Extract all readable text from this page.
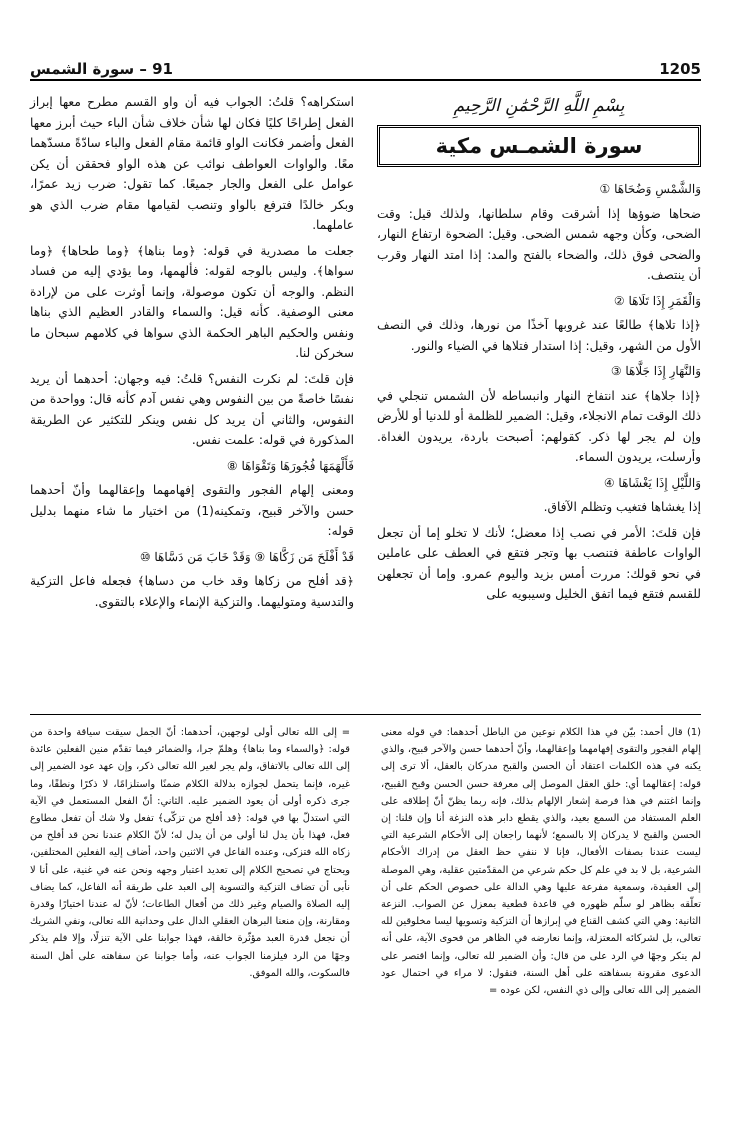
1205
91 – سورة الشمس
بِسْمِ اللَّهِ الرَّحْمَٰنِ الرَّحِيمِ
سورة الشمـس مكية
وَالشَّمْسِ وَضُحَاهَا ①

ضحاها ضوؤها إذا أشرقت وقام سلطانها، ولذلك قيل: وقت الضحى، وكأن وجهه شمس الضحى. وقيل: الضحوة ارتفاع النهار، والضحى فوق ذلك، والضحاء بالفتح والمد: إذا امتد النهار وقرب أن ينتصف.

وَالْقَمَرِ إِذَا تَلَاهَا ②

﴿إذا تلاها﴾ طالعًا عند غروبها آخذًا من نورها، وذلك في النصف الأول من الشهر، وقيل: إذا استدار فتلاها في الضياء والنور.

وَالنَّهَارِ إِذَا جَلَّاهَا ③

﴿إذا جلاها﴾ عند انتفاخ النهار وانبساطه لأن الشمس تنجلي في ذلك الوقت تمام الانجلاء، وقيل: الضمير للظلمة أو للدنيا أو للأرض وإن لم يجر لها ذكر. كقولهم: أصبحت باردة، يريدون الغداة. وأرسلت، يريدون السماء.

وَاللَّيْلِ إِذَا يَغْشَاهَا ④

إذا يغشاها فتغيب وتظلم الآفاق.

فإن قلتَ: الأمر في نصب إذا معضل؛ لأنك لا تخلو إما أن تجعل الواوات عاطفة فتنصب بها وتجر فتقع في العطف على عاملين في نحو قولك: مررت أمس بزيد واليوم عمرو. وإما أن تجعلهن للقسم فتقع فيما اتفق الخليل وسيبويه على

استكراهه؟ قلتُ: الجواب فيه أن واو القسم مطرح معها إبراز الفعل إطراحًا كليًا فكان لها شأن خلاف شأن الباء حيث أبرز معها الفعل وأضمر فكانت الواو قائمة مقام الفعل والباء سادّةً مسدّهما معًا. والواوات العواطف نوائب عن هذه الواو فحققن أن يكن عوامل على الفعل والجار جميعًا. كما تقول: ضرب زيد عمرًا، وبكر خالدًا فترفع بالواو وتنصب لقيامها مقام ضرب الذي هو عاملهما.

جعلت ما مصدرية في قوله: ﴿وما بناها﴾ ﴿وما طحاها﴾ ﴿وما سواها﴾. وليس بالوجه لقوله: فألهمها، وما يؤدي إليه من فساد النظم. والوجه أن تكون موصولة، وإنما أوثرت على من لإرادة معنى الوصفية. كأنه قيل: والسماء والقادر العظيم الذي بناها ونفس والحكيم الباهر الحكمة الذي سواها في كلامهم سبحان ما سخركن لنا.

فإن قلتَ: لم نكرت النفس؟ قلتُ: فيه وجهان: أحدهما أن يريد نفسًا خاصةً من بين النفوس وهي نفس آدم كأنه قال: وواحدة من النفوس، والثاني أن يريد كل نفس وينكر للتكثير عن الطريقة المذكورة في قوله: علمت نفس.

فَأَلْهَمَهَا فُجُورَهَا وَتَقْوَاهَا ⑧

ومعنى إلهام الفجور والتقوى إفهامهما وإعقالهما وأنّ أحدهما حسن والآخر قبيح، وتمكينه(1) من اختيار ما شاء منهما بدليل قوله:

قَدْ أَفْلَحَ مَن زَكَّاهَا ⑨ وَقَدْ خَابَ مَن دَسَّاهَا ⑩

﴿قد أفلح من زكاها وقد خاب من دساها﴾ فجعله فاعل التزكية والتدسية ومتوليهما. والتزكية الإنماء والإعلاء بالتقوى.

(1) قال أحمد: بيّن في هذا الكلام نوعين من الباطل أحدهما: في قوله معنى إلهام الفجور والتقوى إفهامهما وإعقالهما، وأنّ أحدهما حسن والآخر قبيح، والذي يكنه في هذه الكلمات اعتقاد أن الحسن والقبح مدركان بالعقل، ألا ترى إلى قوله: إعقالهما أي: خلق العقل الموصل إلى معرفة حسن الحسن وقبح القبيح، وإنما اغتنم في هذا فرصة إشعار الإلهام بذلك، فإنه ربما يظنّ أنّ إطلاقه على العلم المستفاد من السمع بعيد، والذي يقطع دابر هذه النزغة أنا وإن قلنا: إن الحسن والقبح لا يدركان إلا بالسمع؛ لأنهما راجعان إلى الأحكام الشرعية التي ليست عندنا بصفات الأفعال، فإنا لا ننفي حظ العقل من إدراك الأحكام الشرعية، بل لا بد في علم كل حكم شرعي من المقدّمتين عقلية، وهي الموصلة إلى العقيدة، وسمعية مفرعة عليها وهي الدالة على خصوص الحكم على أن تعلّقه بظاهر لو سلّم ظهوره في قاعدة قطعية بمعزل عن الصواب. النزعة الثانية: وهي التي كشف القناع في إبرازها أن التزكية وتسويها ليسا مخلوقين لله تعالى، بل لشركائه المعتزلة، وإنما نعارضه في الظاهر من فحوى الآية، على أنه لم ينكر وجهًا في الرد على من قال: وأن الضمير لله تعالى، وإنما اقتصر على الدعوى مقرونة بسفاهته على أهل السنة، فنقول: لا مراء في احتمال عود الضمير إلى الله تعالى وإلى ذي النفس، لكن عوده =
= إلى الله تعالى أولى لوجهين، أحدهما: أنّ الجمل سيقت سياقة واحدة من قوله: ﴿والسماء وما بناها﴾ وهلمّ جرا، والضمائر فيما تقدّم منين الفعلين عائدة إلى الله تعالى بالاتفاق، ولم يجر لغير الله تعالى ذكر، وإن عهد عود الضمير إلى غيره، فإنما يتحمل لجوازه بدلالة الكلام ضمنًا واستلزامًا، لا ذكرًا ونطقًا، وما جرى ذكره أولى أن يعود الضمير عليه. الثاني: أنّ الفعل المستعمل في الآية التي استدلّ بها في قوله: ﴿قد أفلح من تزكّى﴾ تفعل ولا شك أن تفعل مطاوع فعل، فهذا بأن يدل لنا أولى من أن يدل له؛ لأنّ الكلام عندنا نحن قد أفلح من زكاه الله فتزكى، وعنده الفاعل في الاثنين واحد، أضاف إليه الفعلين المختلفين، ويحتاج في تصحيح الكلام إلى تعديد اعتبار وجهه ونحن عنه في غنية، على أنا لا نأبى أن تضاف التزكية والتسوية إلى العبد على طريقة أنه الفاعل، كما يضاف إليه الصلاة والصيام وغير ذلك من أفعال الطاعات؛ لأنّ له عندنا اختيارًا وقدرة ومقارنة، وإن منعنا البرهان العقلي الدال على وحدانية الله تعالى، ونفي الشريك أن نجعل قدرة العبد مؤثّرة خالقة، فهذا جوابنا على الآية تنزلًا، وإلا فلم يذكر وجهًا من الرد فيلزمنا الجواب عنه، وأما جوابنا عن سفاهته على أهل السنة فالسكوت، والله الموفق.
